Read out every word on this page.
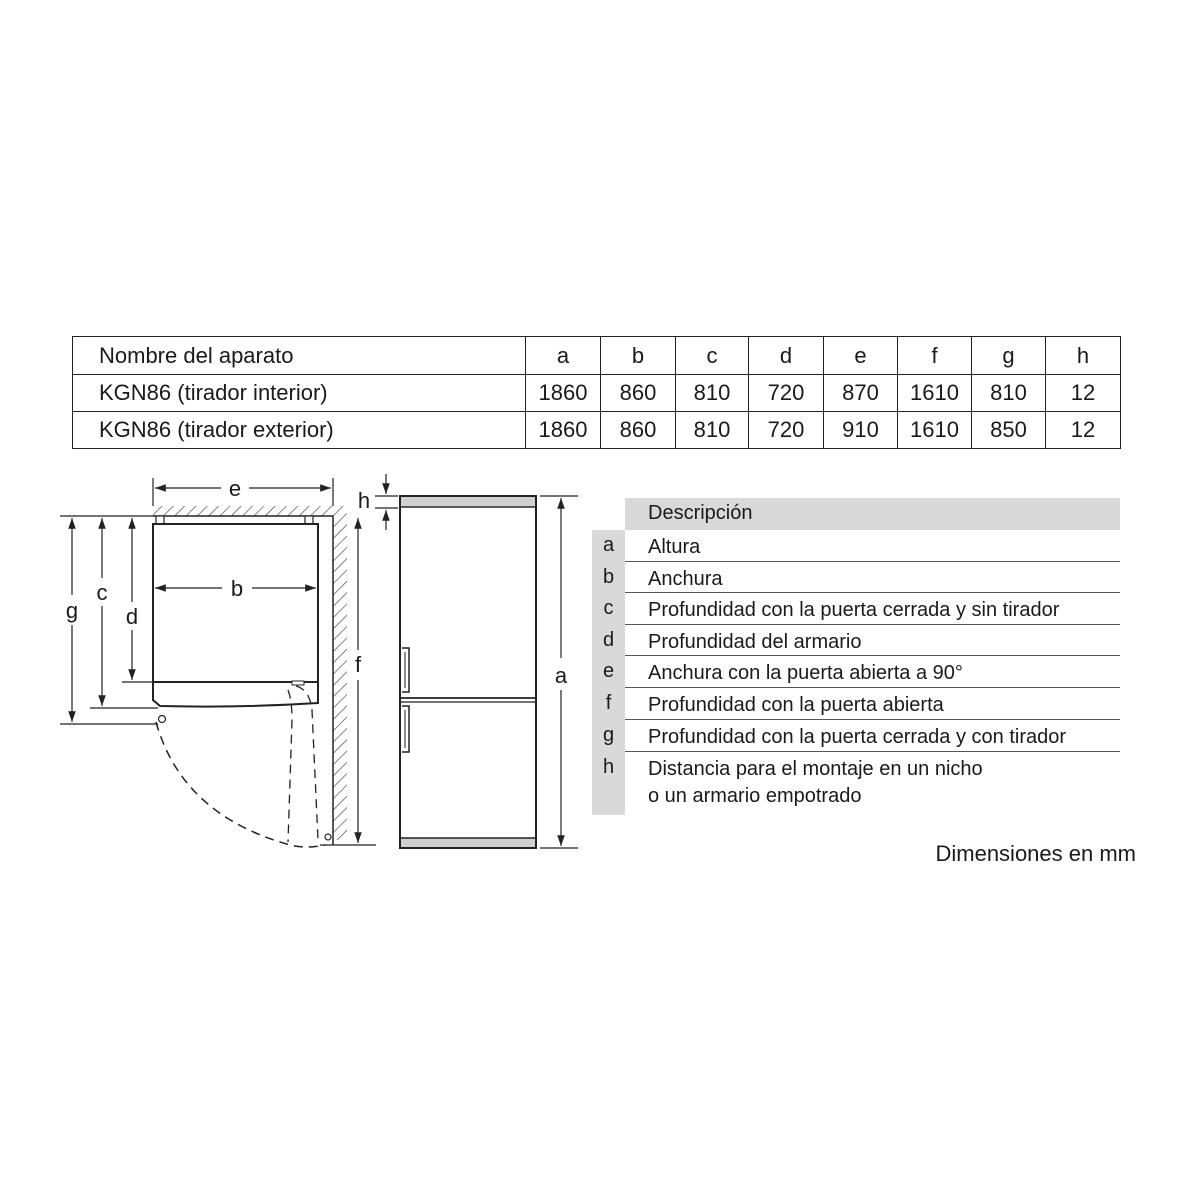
Nombre del aparato	a	b	c	d	e	f	g	h
KGN86 (tirador interior)	1860	860	810	720	870	1610	810	12
KGN86 (tirador exterior)	1860	860	810	720	910	1610	850	12
e
b
g
c
d
f
h
a
Descripción
a	Altura
b	Anchura
c	Profundidad con la puerta cerrada y sin tirador
d	Profundidad del armario
e	Anchura con la puerta abierta a 90°
f	Profundidad con la puerta abierta
g	Profundidad con la puerta cerrada y con tirador
h	Distancia para el montaje en un nicho
o un armario empotrado
Dimensiones en mm
